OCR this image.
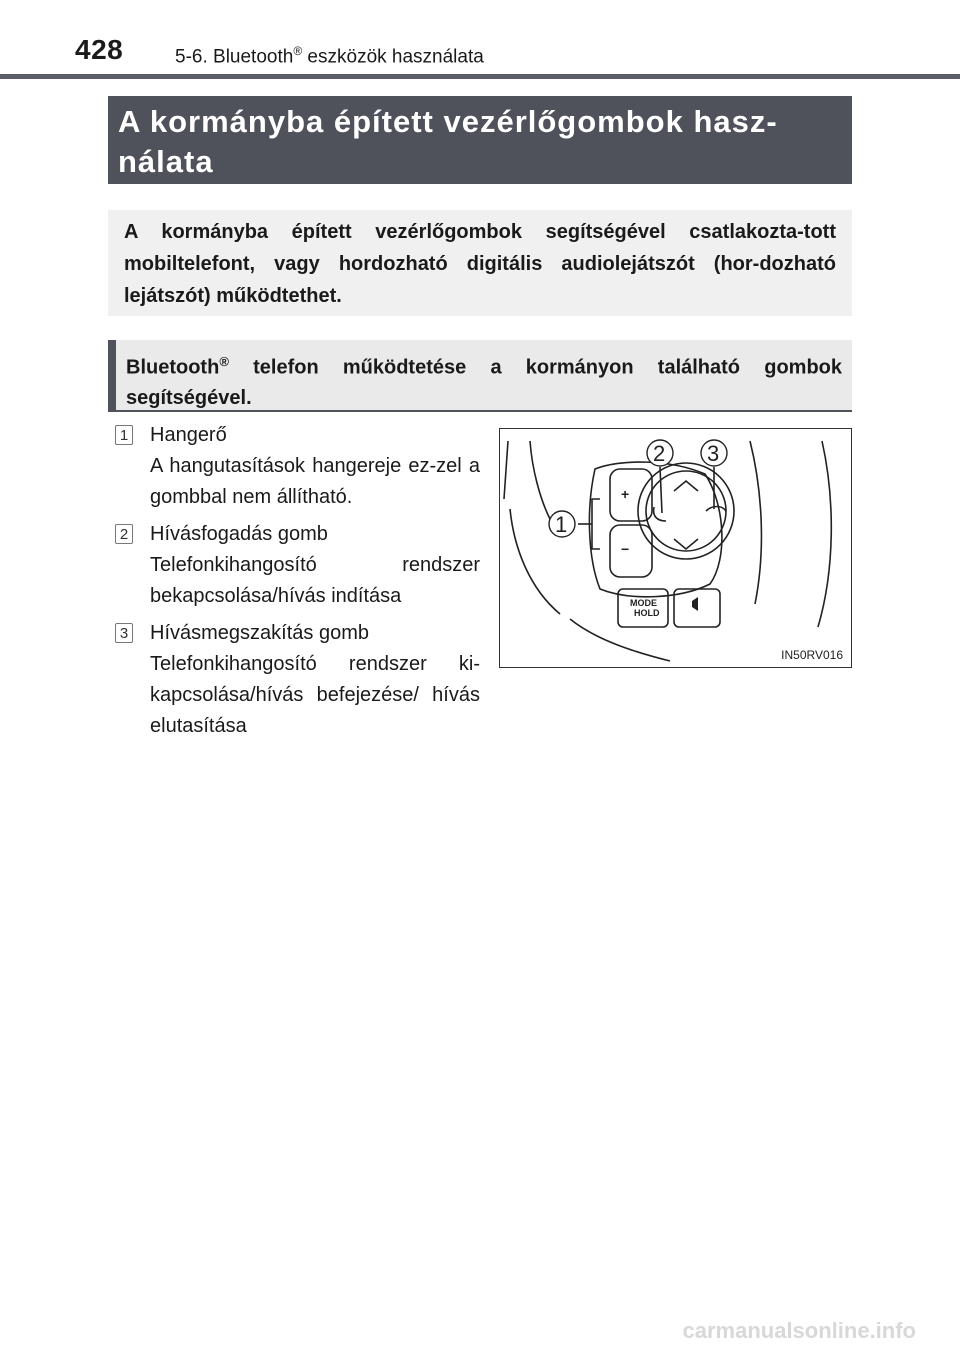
428	5-6. Bluetooth® eszközök használata
A kormányba épített vezérlőgombok hasz-nálata
A kormányba épített vezérlőgombok segítségével csatlakozta-tott mobiltelefont, vagy hordozható digitális audiolejátszót (hor-dozható lejátszót) működtethet.
Bluetooth® telefon működtetése a kormányon található gombok segítségével.
1 Hangerő
A hangutasítások hangereje ez-zel a gombbal nem állítható.
2 Hívásfogadás gomb
Telefonkihangosító rendszer bekapcsolása/hívás indítása
3 Hívásmegszakítás gomb
Telefonkihangosító rendszer ki-kapcsolása/hívás befejezése/ hívás elutasítása
+
−
MODE
HOLD
1
2 3
IN50RV016
carmanualsonline.info
